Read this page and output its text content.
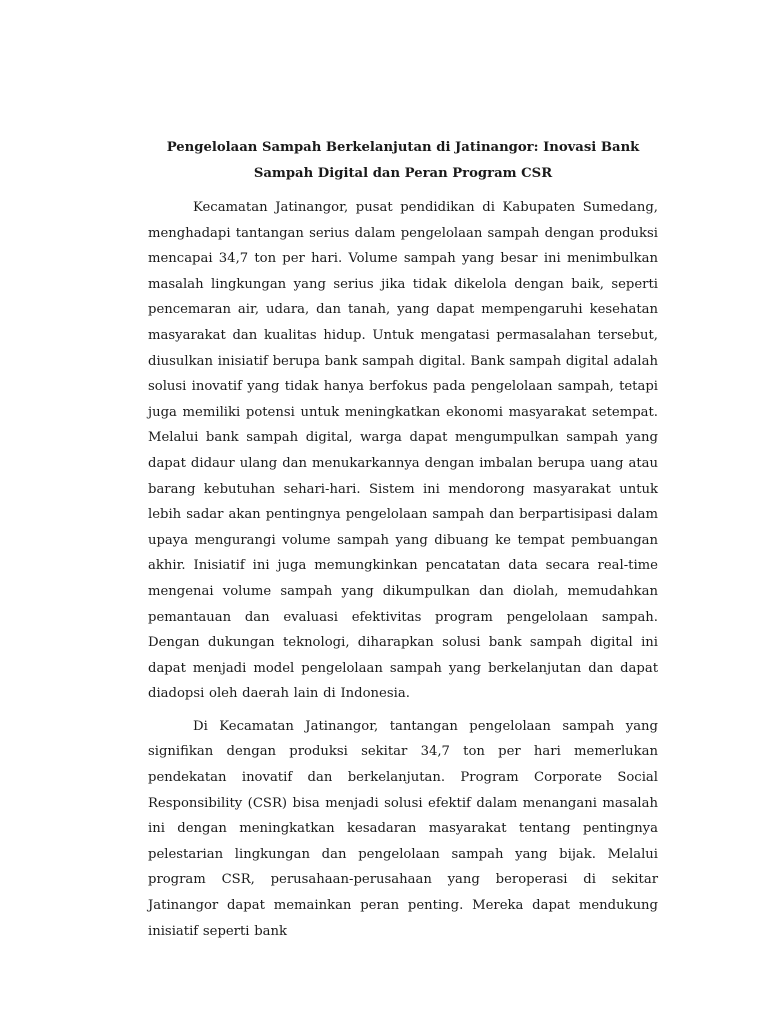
Pengelolaan Sampah Berkelanjutan di Jatinangor: Inovasi Bank Sampah Digital dan Peran Program CSR

Kecamatan Jatinangor, pusat pendidikan di Kabupaten Sumedang, menghadapi tantangan serius dalam pengelolaan sampah dengan produksi mencapai 34,7 ton per hari. Volume sampah yang besar ini menimbulkan masalah lingkungan yang serius jika tidak dikelola dengan baik, seperti pencemaran air, udara, dan tanah, yang dapat mempengaruhi kesehatan masyarakat dan kualitas hidup. Untuk mengatasi permasalahan tersebut, diusulkan inisiatif berupa bank sampah digital. Bank sampah digital adalah solusi inovatif yang tidak hanya berfokus pada pengelolaan sampah, tetapi juga memiliki potensi untuk meningkatkan ekonomi masyarakat setempat. Melalui bank sampah digital, warga dapat mengumpulkan sampah yang dapat didaur ulang dan menukarkannya dengan imbalan berupa uang atau barang kebutuhan sehari-hari. Sistem ini mendorong masyarakat untuk lebih sadar akan pentingnya pengelolaan sampah dan berpartisipasi dalam upaya mengurangi volume sampah yang dibuang ke tempat pembuangan akhir. Inisiatif ini juga memungkinkan pencatatan data secara real-time mengenai volume sampah yang dikumpulkan dan diolah, memudahkan pemantauan dan evaluasi efektivitas program pengelolaan sampah. Dengan dukungan teknologi, diharapkan solusi bank sampah digital ini dapat menjadi model pengelolaan sampah yang berkelanjutan dan dapat diadopsi oleh daerah lain di Indonesia.

Di Kecamatan Jatinangor, tantangan pengelolaan sampah yang signifikan dengan produksi sekitar 34,7 ton per hari memerlukan pendekatan inovatif dan berkelanjutan. Program Corporate Social Responsibility (CSR) bisa menjadi solusi efektif dalam menangani masalah ini dengan meningkatkan kesadaran masyarakat tentang pentingnya pelestarian lingkungan dan pengelolaan sampah yang bijak. Melalui program CSR, perusahaan-perusahaan yang beroperasi di sekitar Jatinangor dapat memainkan peran penting. Mereka dapat mendukung inisiatif seperti bank
